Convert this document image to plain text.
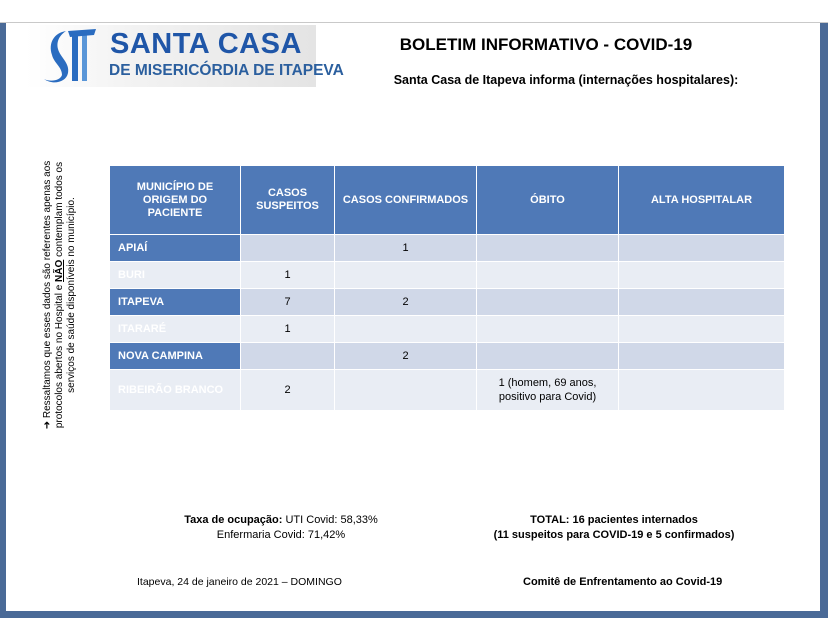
SANTA CASA
DE MISERICÓRDIA DE ITAPEVA
BOLETIM INFORMATIVO - COVID-19
Santa Casa de Itapeva informa (internações hospitalares):
➜ Ressaltamos que esses dados são referentes apenas aos protocolos abertos no Hospital e NÃO contemplam todos os serviços de saúde disponíveis no município.
MUNICÍPIO DE ORIGEM DO PACIENTE	CASOS SUSPEITOS	CASOS CONFIRMADOS	ÓBITO	ALTA HOSPITALAR
APIAÍ		1		
BURI	1			
ITAPEVA	7	2		
ITARARÉ	1			
NOVA CAMPINA		2		
RIBEIRÃO BRANCO	2		1 (homem, 69 anos, positivo para Covid)	
Taxa de ocupação: UTI Covid: 58,33%
Enfermaria Covid: 71,42%
TOTAL: 16 pacientes internados
(11 suspeitos para COVID-19 e 5 confirmados)
Itapeva, 24 de janeiro de 2021 – DOMINGO	Comitê de Enfrentamento ao Covid-19
